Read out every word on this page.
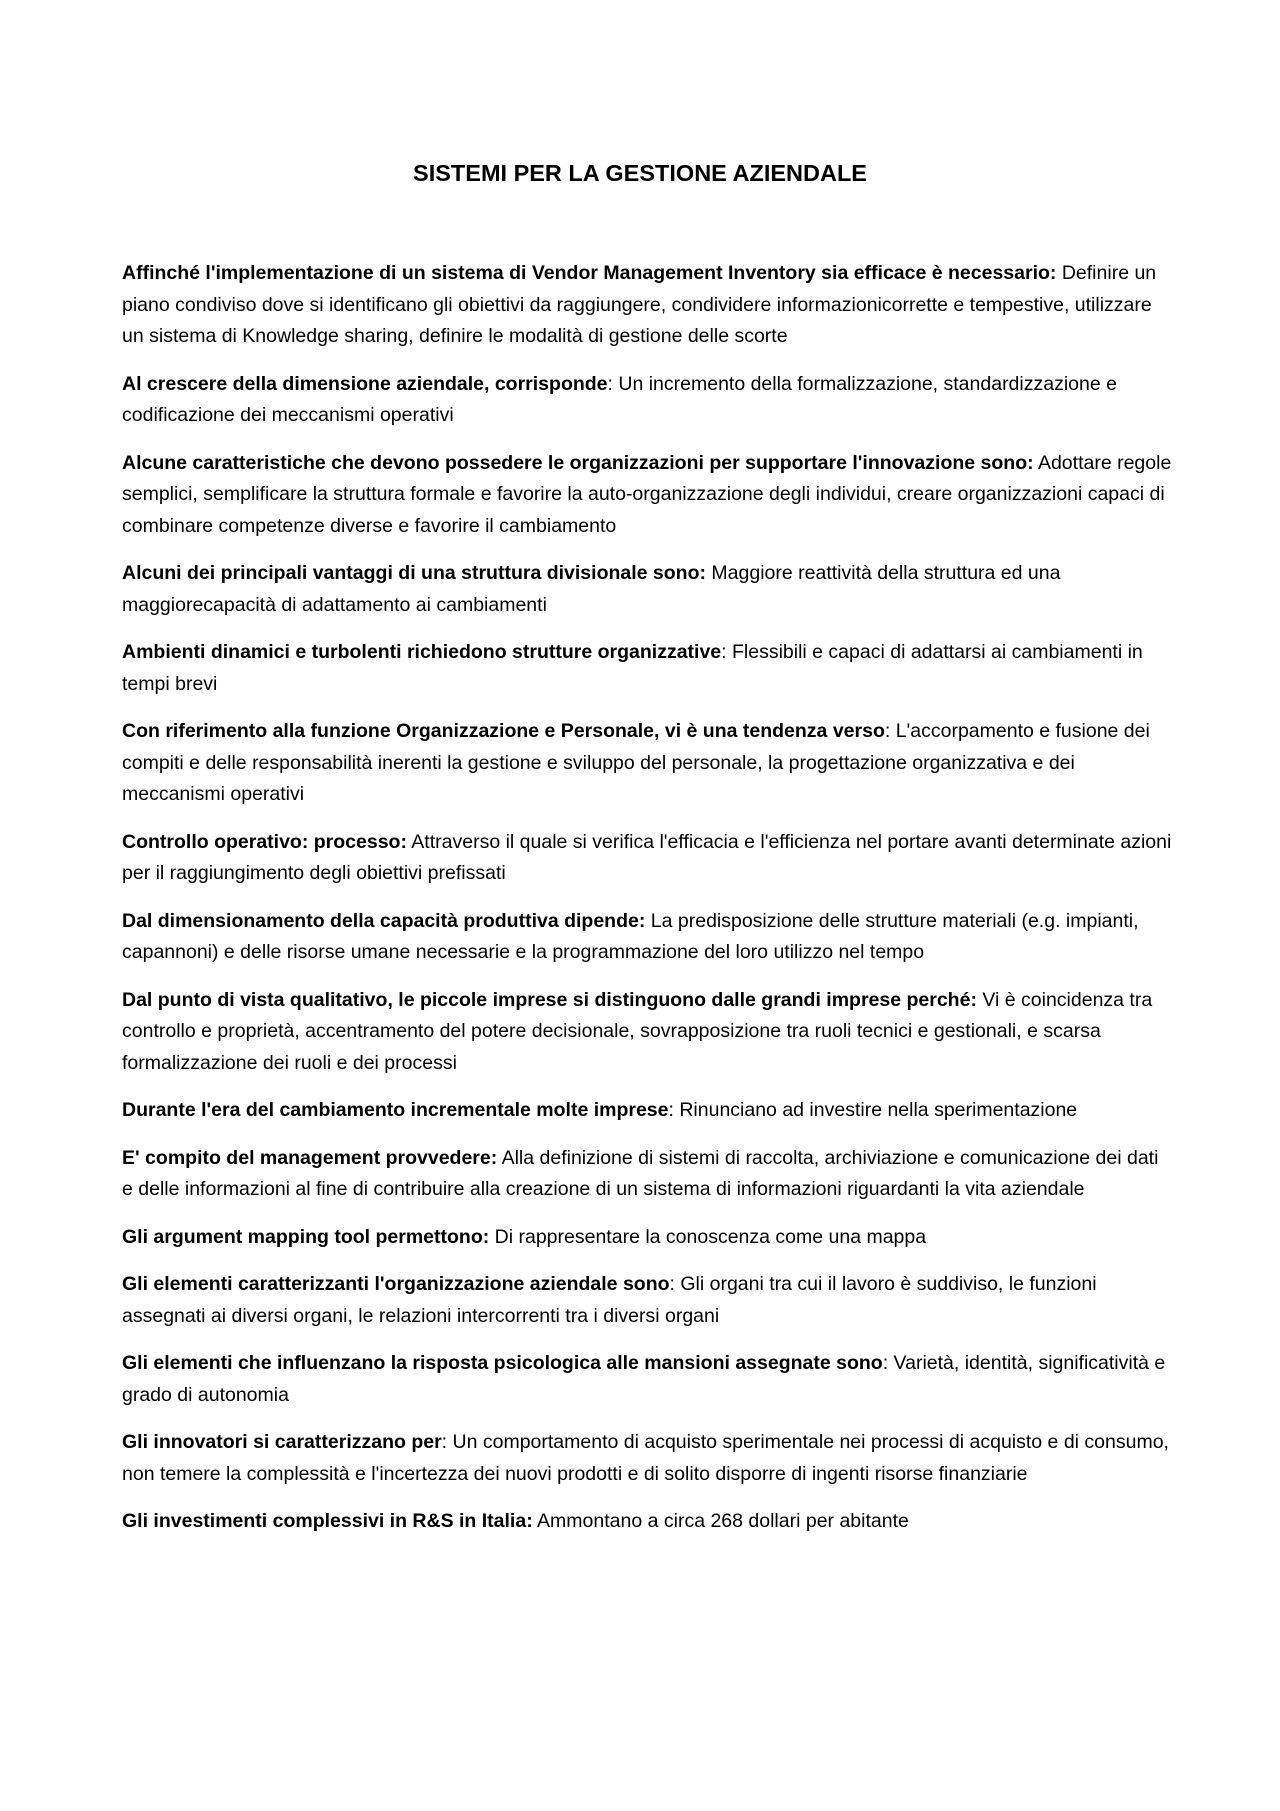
SISTEMI PER LA GESTIONE AZIENDALE

Affinché l'implementazione di un sistema di Vendor Management Inventory sia efficace è necessario: Definire un piano condiviso dove si identificano gli obiettivi da raggiungere, condividere informazionicorrette e tempestive, utilizzare un sistema di Knowledge sharing, definire le modalità di gestione delle scorte

Al crescere della dimensione aziendale, corrisponde: Un incremento della formalizzazione, standardizzazione e codificazione dei meccanismi operativi

Alcune caratteristiche che devono possedere le organizzazioni per supportare l'innovazione sono: Adottare regole semplici, semplificare la struttura formale e favorire la auto-organizzazione degli individui, creare organizzazioni capaci di combinare competenze diverse e favorire il cambiamento

Alcuni dei principali vantaggi di una struttura divisionale sono: Maggiore reattività della struttura ed una maggiorecapacità di adattamento ai cambiamenti

Ambienti dinamici e turbolenti richiedono strutture organizzative: Flessibili e capaci di adattarsi ai cambiamenti in tempi brevi

Con riferimento alla funzione Organizzazione e Personale, vi è una tendenza verso: L'accorpamento e fusione dei compiti e delle responsabilità inerenti la gestione e sviluppo del personale, la progettazione organizzativa e dei meccanismi operativi

Controllo operativo: processo: Attraverso il quale si verifica l'efficacia e l'efficienza nel portare avanti determinate azioni per il raggiungimento degli obiettivi prefissati

Dal dimensionamento della capacità produttiva dipende: La predisposizione delle strutture materiali (e.g. impianti, capannoni) e delle risorse umane necessarie e la programmazione del loro utilizzo nel tempo

Dal punto di vista qualitativo, le piccole imprese si distinguono dalle grandi imprese perché: Vi è coincidenza tra controllo e proprietà, accentramento del potere decisionale, sovrapposizione tra ruoli tecnici e gestionali, e scarsa formalizzazione dei ruoli e dei processi

Durante l'era del cambiamento incrementale molte imprese: Rinunciano ad investire nella sperimentazione

E' compito del management provvedere: Alla definizione di sistemi di raccolta, archiviazione e comunicazione dei dati e delle informazioni al fine di contribuire alla creazione di un sistema di informazioni riguardanti la vita aziendale

Gli argument mapping tool permettono: Di rappresentare la conoscenza come una mappa

Gli elementi caratterizzanti l'organizzazione aziendale sono: Gli organi tra cui il lavoro è suddiviso, le funzioni assegnati ai diversi organi, le relazioni intercorrenti tra i diversi organi

Gli elementi che influenzano la risposta psicologica alle mansioni assegnate sono: Varietà, identità, significatività e grado di autonomia

Gli innovatori si caratterizzano per: Un comportamento di acquisto sperimentale nei processi di acquisto e di consumo, non temere la complessità e l'incertezza dei nuovi prodotti e di solito disporre di ingenti risorse finanziarie

Gli investimenti complessivi in R&S in Italia: Ammontano a circa 268 dollari per abitante
